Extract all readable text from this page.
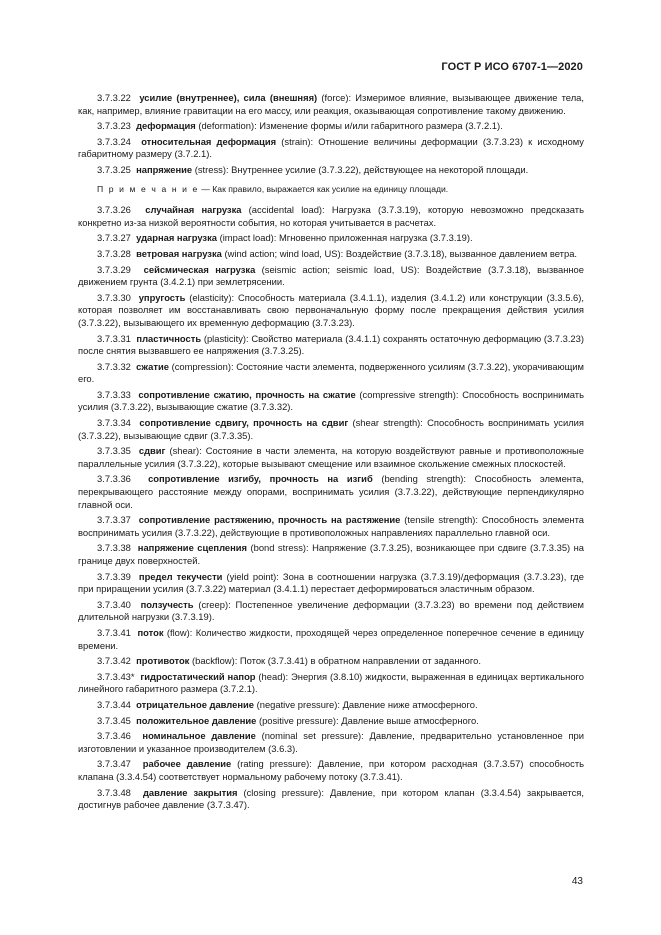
ГОСТ Р ИСО 6707-1—2020

3.7.3.22 усилие (внутреннее), сила (внешняя) (force): Измеримое влияние, вызывающее движение тела, как, например, влияние гравитации на его массу, или реакция, оказывающая сопротивление такому движению.

3.7.3.23 деформация (deformation): Изменение формы и/или габаритного размера (3.7.2.1).

3.7.3.24 относительная деформация (strain): Отношение величины деформации (3.7.3.23) к исходному габаритному размеру (3.7.2.1).

3.7.3.25 напряжение (stress): Внутреннее усилие (3.7.3.22), действующее на некоторой площади.

П р и м е ч а н и е — Как правило, выражается как усилие на единицу площади.

3.7.3.26 случайная нагрузка (accidental load): Нагрузка (3.7.3.19), которую невозможно предсказать конкретно из-за низкой вероятности события, но которая учитывается в расчетах.

3.7.3.27 ударная нагрузка (impact load): Мгновенно приложенная нагрузка (3.7.3.19).

3.7.3.28 ветровая нагрузка (wind action; wind load, US): Воздействие (3.7.3.18), вызванное давлением ветра.

3.7.3.29 сейсмическая нагрузка (seismic action; seismic load, US): Воздействие (3.7.3.18), вызванное движением грунта (3.4.2.1) при землетрясении.

3.7.3.30 упругость (elasticity): Способность материала (3.4.1.1), изделия (3.4.1.2) или конструкции (3.3.5.6), которая позволяет им восстанавливать свою первоначальную форму после прекращения действия усилия (3.7.3.22), вызывающего их временную деформацию (3.7.3.23).

3.7.3.31 пластичность (plasticity): Свойство материала (3.4.1.1) сохранять остаточную деформацию (3.7.3.23) после снятия вызвавшего ее напряжения (3.7.3.25).

3.7.3.32 сжатие (compression): Состояние части элемента, подверженного усилиям (3.7.3.22), укорачивающим его.

3.7.3.33 сопротивление сжатию, прочность на сжатие (compressive strength): Способность воспринимать усилия (3.7.3.22), вызывающие сжатие (3.7.3.32).

3.7.3.34 сопротивление сдвигу, прочность на сдвиг (shear strength): Способность воспринимать усилия (3.7.3.22), вызывающие сдвиг (3.7.3.35).

3.7.3.35 сдвиг (shear): Состояние в части элемента, на которую воздействуют равные и противоположные параллельные усилия (3.7.3.22), которые вызывают смещение или взаимное скольжение смежных плоскостей.

3.7.3.36 сопротивление изгибу, прочность на изгиб (bending strength): Способность элемента, перекрывающего расстояние между опорами, воспринимать усилия (3.7.3.22), действующие перпендикулярно главной оси.

3.7.3.37 сопротивление растяжению, прочность на растяжение (tensile strength): Способность элемента воспринимать усилия (3.7.3.22), действующие в противоположных направлениях параллельно главной оси.

3.7.3.38 напряжение сцепления (bond stress): Напряжение (3.7.3.25), возникающее при сдвиге (3.7.3.35) на границе двух поверхностей.

3.7.3.39 предел текучести (yield point): Зона в соотношении нагрузка (3.7.3.19)/деформация (3.7.3.23), где при приращении усилия (3.7.3.22) материал (3.4.1.1) перестает деформироваться эластичным образом.

3.7.3.40 ползучесть (creep): Постепенное увеличение деформации (3.7.3.23) во времени под действием длительной нагрузки (3.7.3.19).

3.7.3.41 поток (flow): Количество жидкости, проходящей через определенное поперечное сечение в единицу времени.

3.7.3.42 противоток (backflow): Поток (3.7.3.41) в обратном направлении от заданного.

3.7.3.43* гидростатический напор (head): Энергия (3.8.10) жидкости, выраженная в единицах вертикального линейного габаритного размера (3.7.2.1).

3.7.3.44 отрицательное давление (negative pressure): Давление ниже атмосферного.

3.7.3.45 положительное давление (positive pressure): Давление выше атмосферного.

3.7.3.46 номинальное давление (nominal set pressure): Давление, предварительно установленное при изготовлении и указанное производителем (3.6.3).

3.7.3.47 рабочее давление (rating pressure): Давление, при котором расходная (3.7.3.57) способность клапана (3.3.4.54) соответствует нормальному рабочему потоку (3.7.3.41).

3.7.3.48 давление закрытия (closing pressure): Давление, при котором клапан (3.3.4.54) закрывается, достигнув рабочее давление (3.7.3.47).

43
